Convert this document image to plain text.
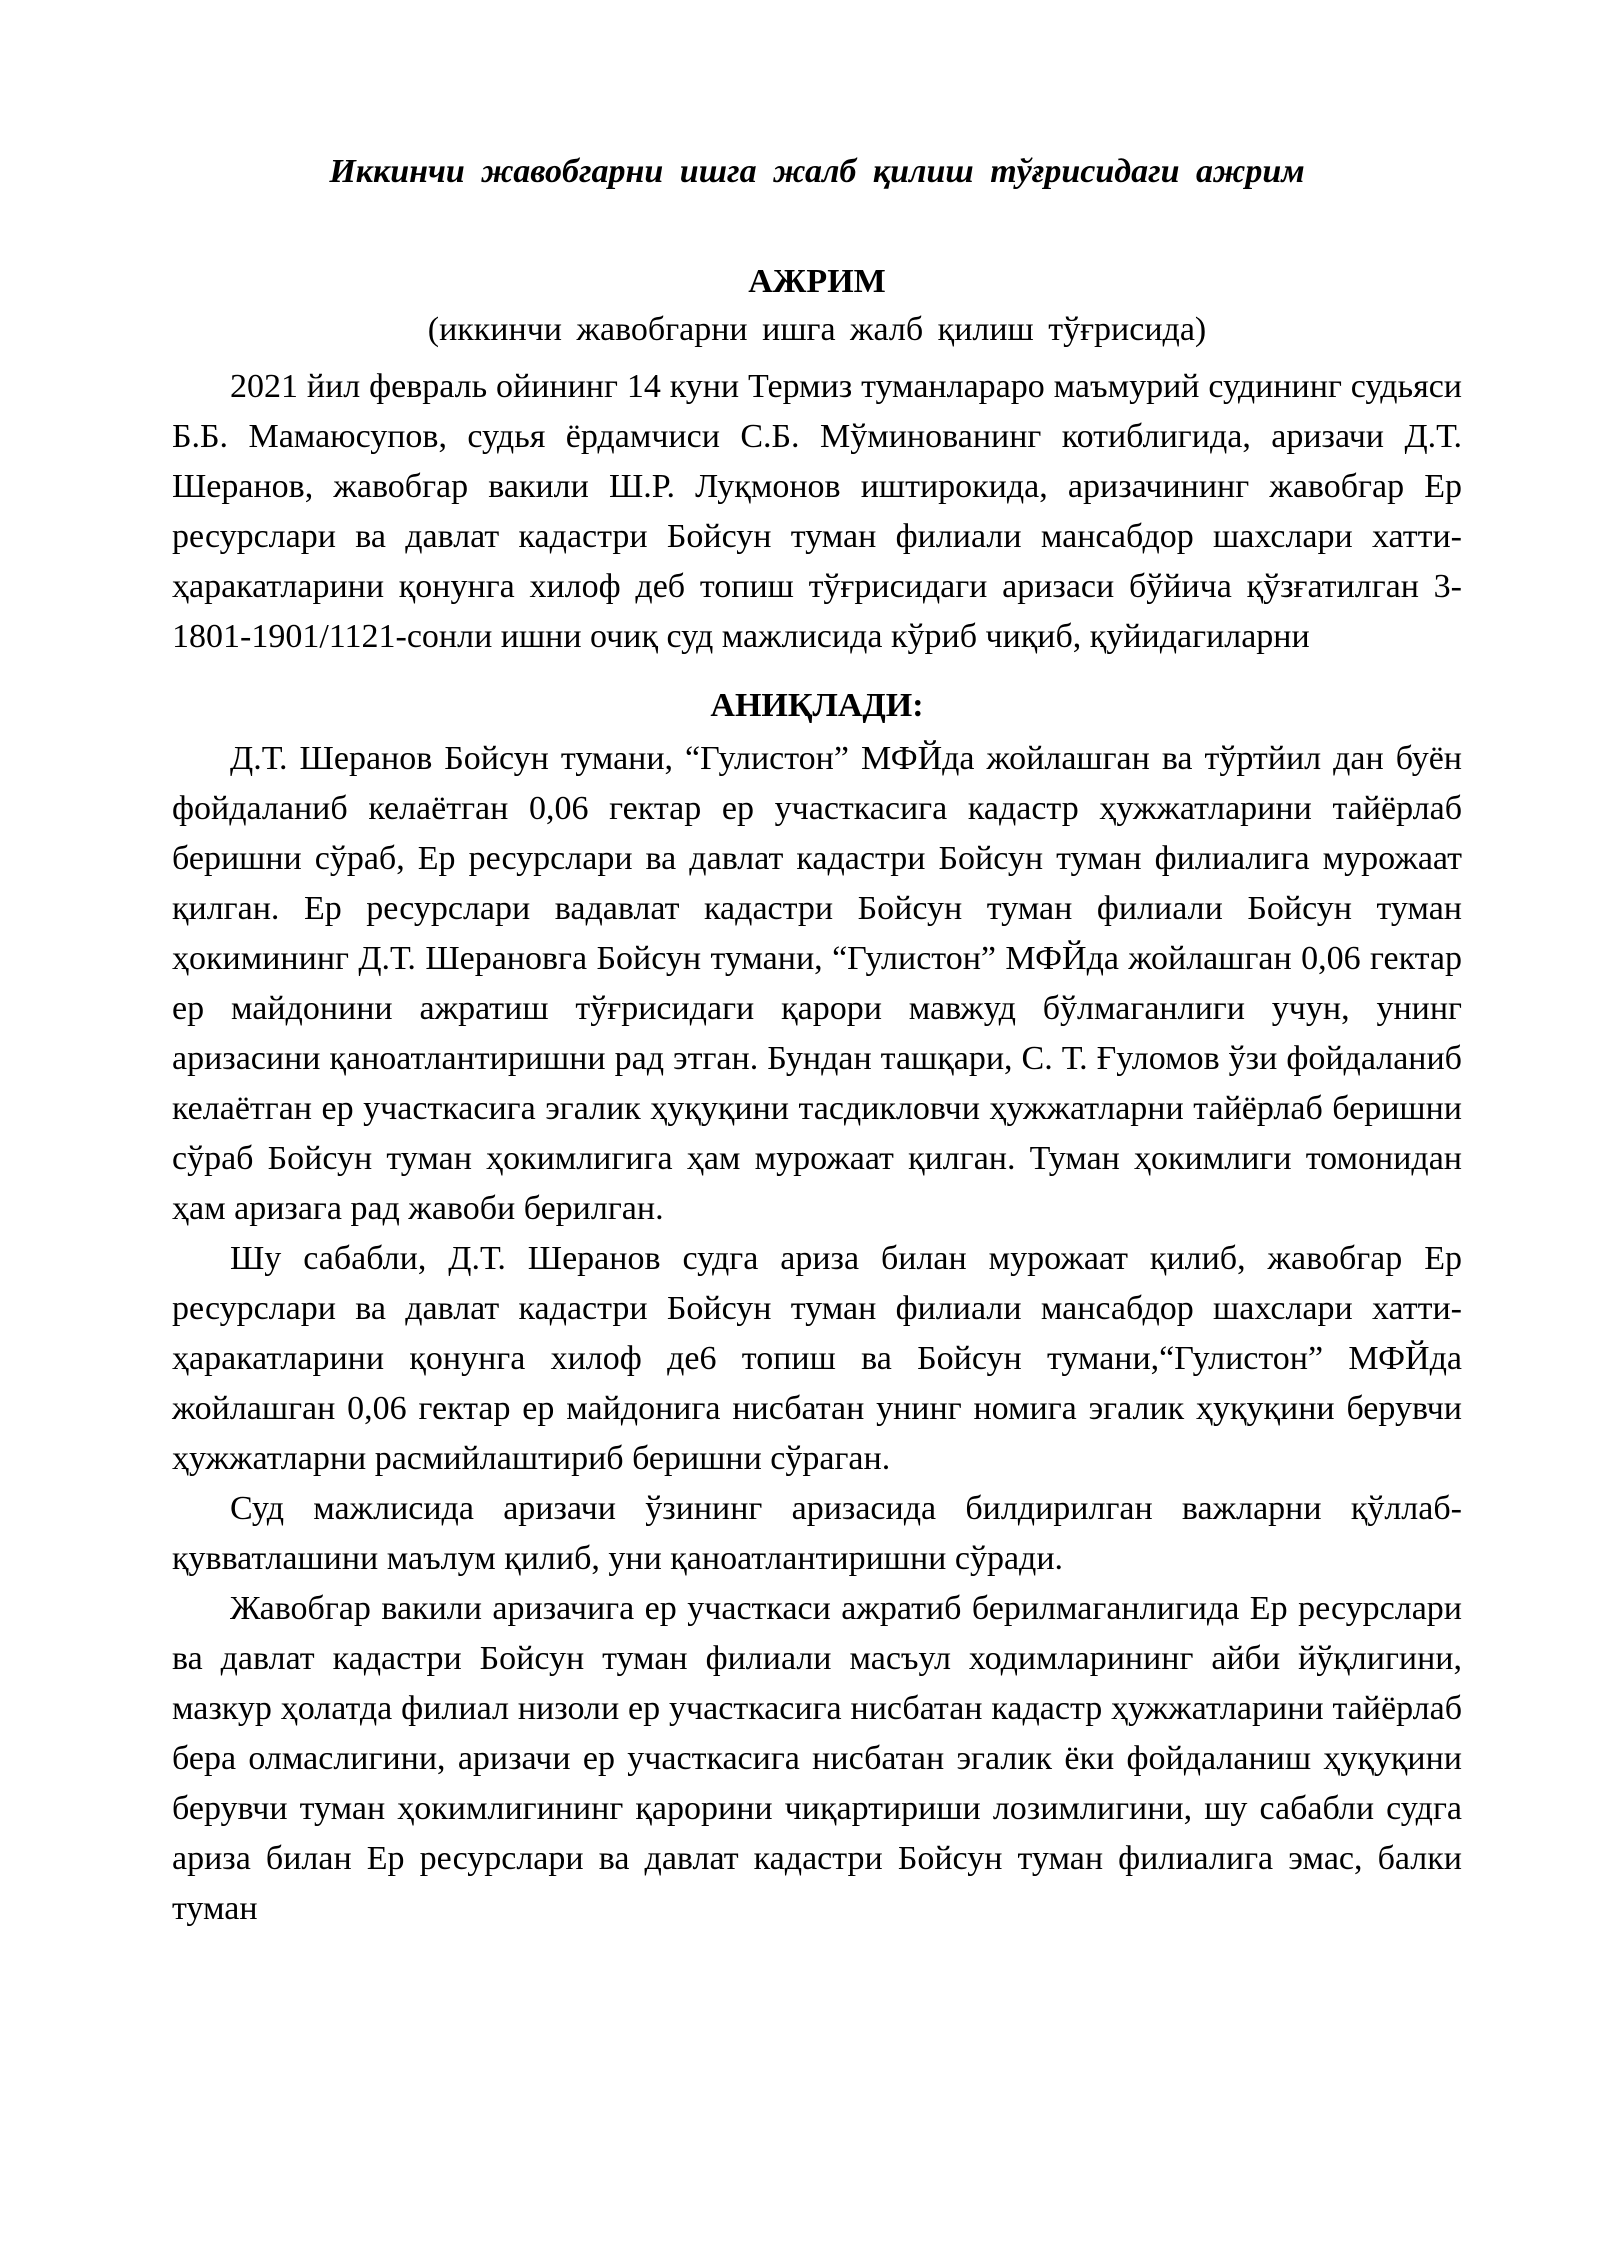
Иккинчи жавобгарни ишга жалб қилиш тўғрисидаги ажрим

АЖРИМ

(иккинчи жавобгарни ишга жалб қилиш тўғрисида)

2021 йил февраль ойининг 14 куни Термиз туманлараро маъмурий судининг судьяси Б.Б. Мамаюсупов, судья ёрдамчиси С.Б. Мўминованинг котиблигида, аризачи Д.Т. Шеранов, жавобгар вакили Ш.Р. Луқмонов иштирокида, аризачининг жавобгар Ер ресурслари ва давлат кадастри Бойсун туман филиали мансабдор шахслари хатти-ҳаракатларини қонунга хилоф деб топиш тўғрисидаги аризаси бўйича қўзғатилган 3-1801-1901/1121-сонли ишни очиқ суд мажлисида кўриб чиқиб, қуйидагиларни

АНИҚЛАДИ:

Д.Т. Шеранов Бойсун тумани, “Гулистон” МФЙда жойлашган ва тўртйил дан буён фойдаланиб келаётган 0,06 гектар ер участкасига кадастр ҳужжатларини тайёрлаб беришни сўраб, Ер ресурслари ва давлат кадастри Бойсун туман филиалига мурожаат қилган. Ер ресурслари вадавлат кадастри Бойсун туман филиали Бойсун туман ҳокимининг Д.Т. Шерановга Бойсун тумани, “Гулистон” МФЙда жойлашган 0,06 гектар ер майдонини ажратиш тўғрисидаги қарори мавжуд бўлмаганлиги учун, унинг аризасини қаноатлантиришни рад этган. Бундан ташқари, С. Т. Ғуломов ўзи фойдаланиб келаётган ер участкасига эгалик ҳуқуқини тасдикловчи ҳужжатларни тайёрлаб беришни сўраб Бойсун туман ҳокимлигига ҳам мурожаат қилган. Туман ҳокимлиги томонидан ҳам аризага рад жавоби берилган.

Шу сабабли, Д.Т. Шеранов судга ариза билан мурожаат қилиб, жавобгар Ер ресурслари ва давлат кадастри Бойсун туман филиали мансабдор шахслари хатти-ҳаракатларини қонунга хилоф де6 топиш ва Бойсун тумани,“Гулистон” МФЙда жойлашган 0,06 гектар ер майдонига нисбатан унинг номига эгалик ҳуқуқини берувчи ҳужжатларни расмийлаштириб беришни сўраган.

Суд мажлисида аризачи ўзининг аризасида билдирилган важларни қўллаб-қувватлашини маълум қилиб, уни қаноатлантиришни сўради.

Жавобгар вакили аризачига ер участкаси ажратиб берилмаганлигида Ер ресурслари ва давлат кадастри Бойсун туман филиали масъул ходимларининг айби йўқлигини, мазкур ҳолатда филиал низоли ер участкасига нисбатан кадастр ҳужжатларини тайёрлаб бера олмаслигини, аризачи ер участкасига нисбатан эгалик ёки фойдаланиш ҳуқуқини берувчи туман ҳокимлигининг қарорини чиқартириши лозимлигини, шу сабабли судга ариза билан Ер ресурслари ва давлат кадастри Бойсун туман филиалига эмас, балки туман
